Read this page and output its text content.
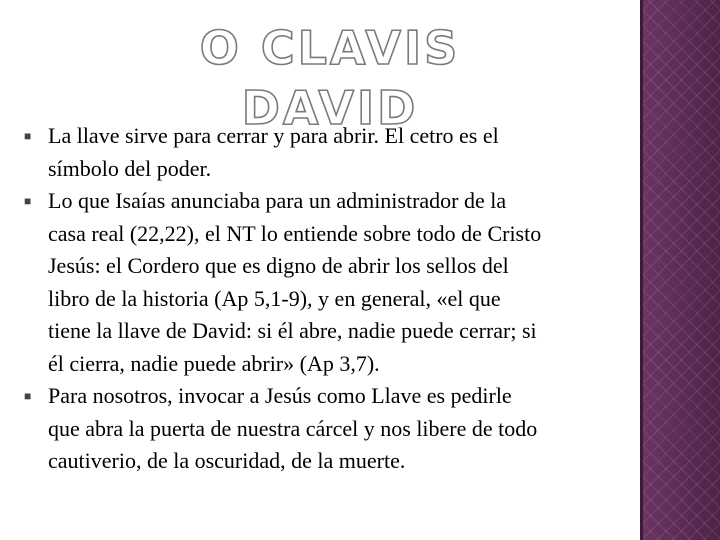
O CLAVIS DAVID
■ La llave sirve para cerrar y para abrir. El cetro es el
símbolo del poder.
■ Lo que Isaías anunciaba para un administrador de la
casa real (22,22), el NT lo entiende sobre todo de Cristo
Jesús: el Cordero que es digno de abrir los sellos del
libro de la historia (Ap 5,1-9), y en general, «el que
tiene la llave de David: si él abre, nadie puede cerrar; si
él cierra, nadie puede abrir» (Ap 3,7).
■ Para nosotros, invocar a Jesús como Llave es pedirle
que abra la puerta de nuestra cárcel y nos libere de todo
cautiverio, de la oscuridad, de la muerte.
